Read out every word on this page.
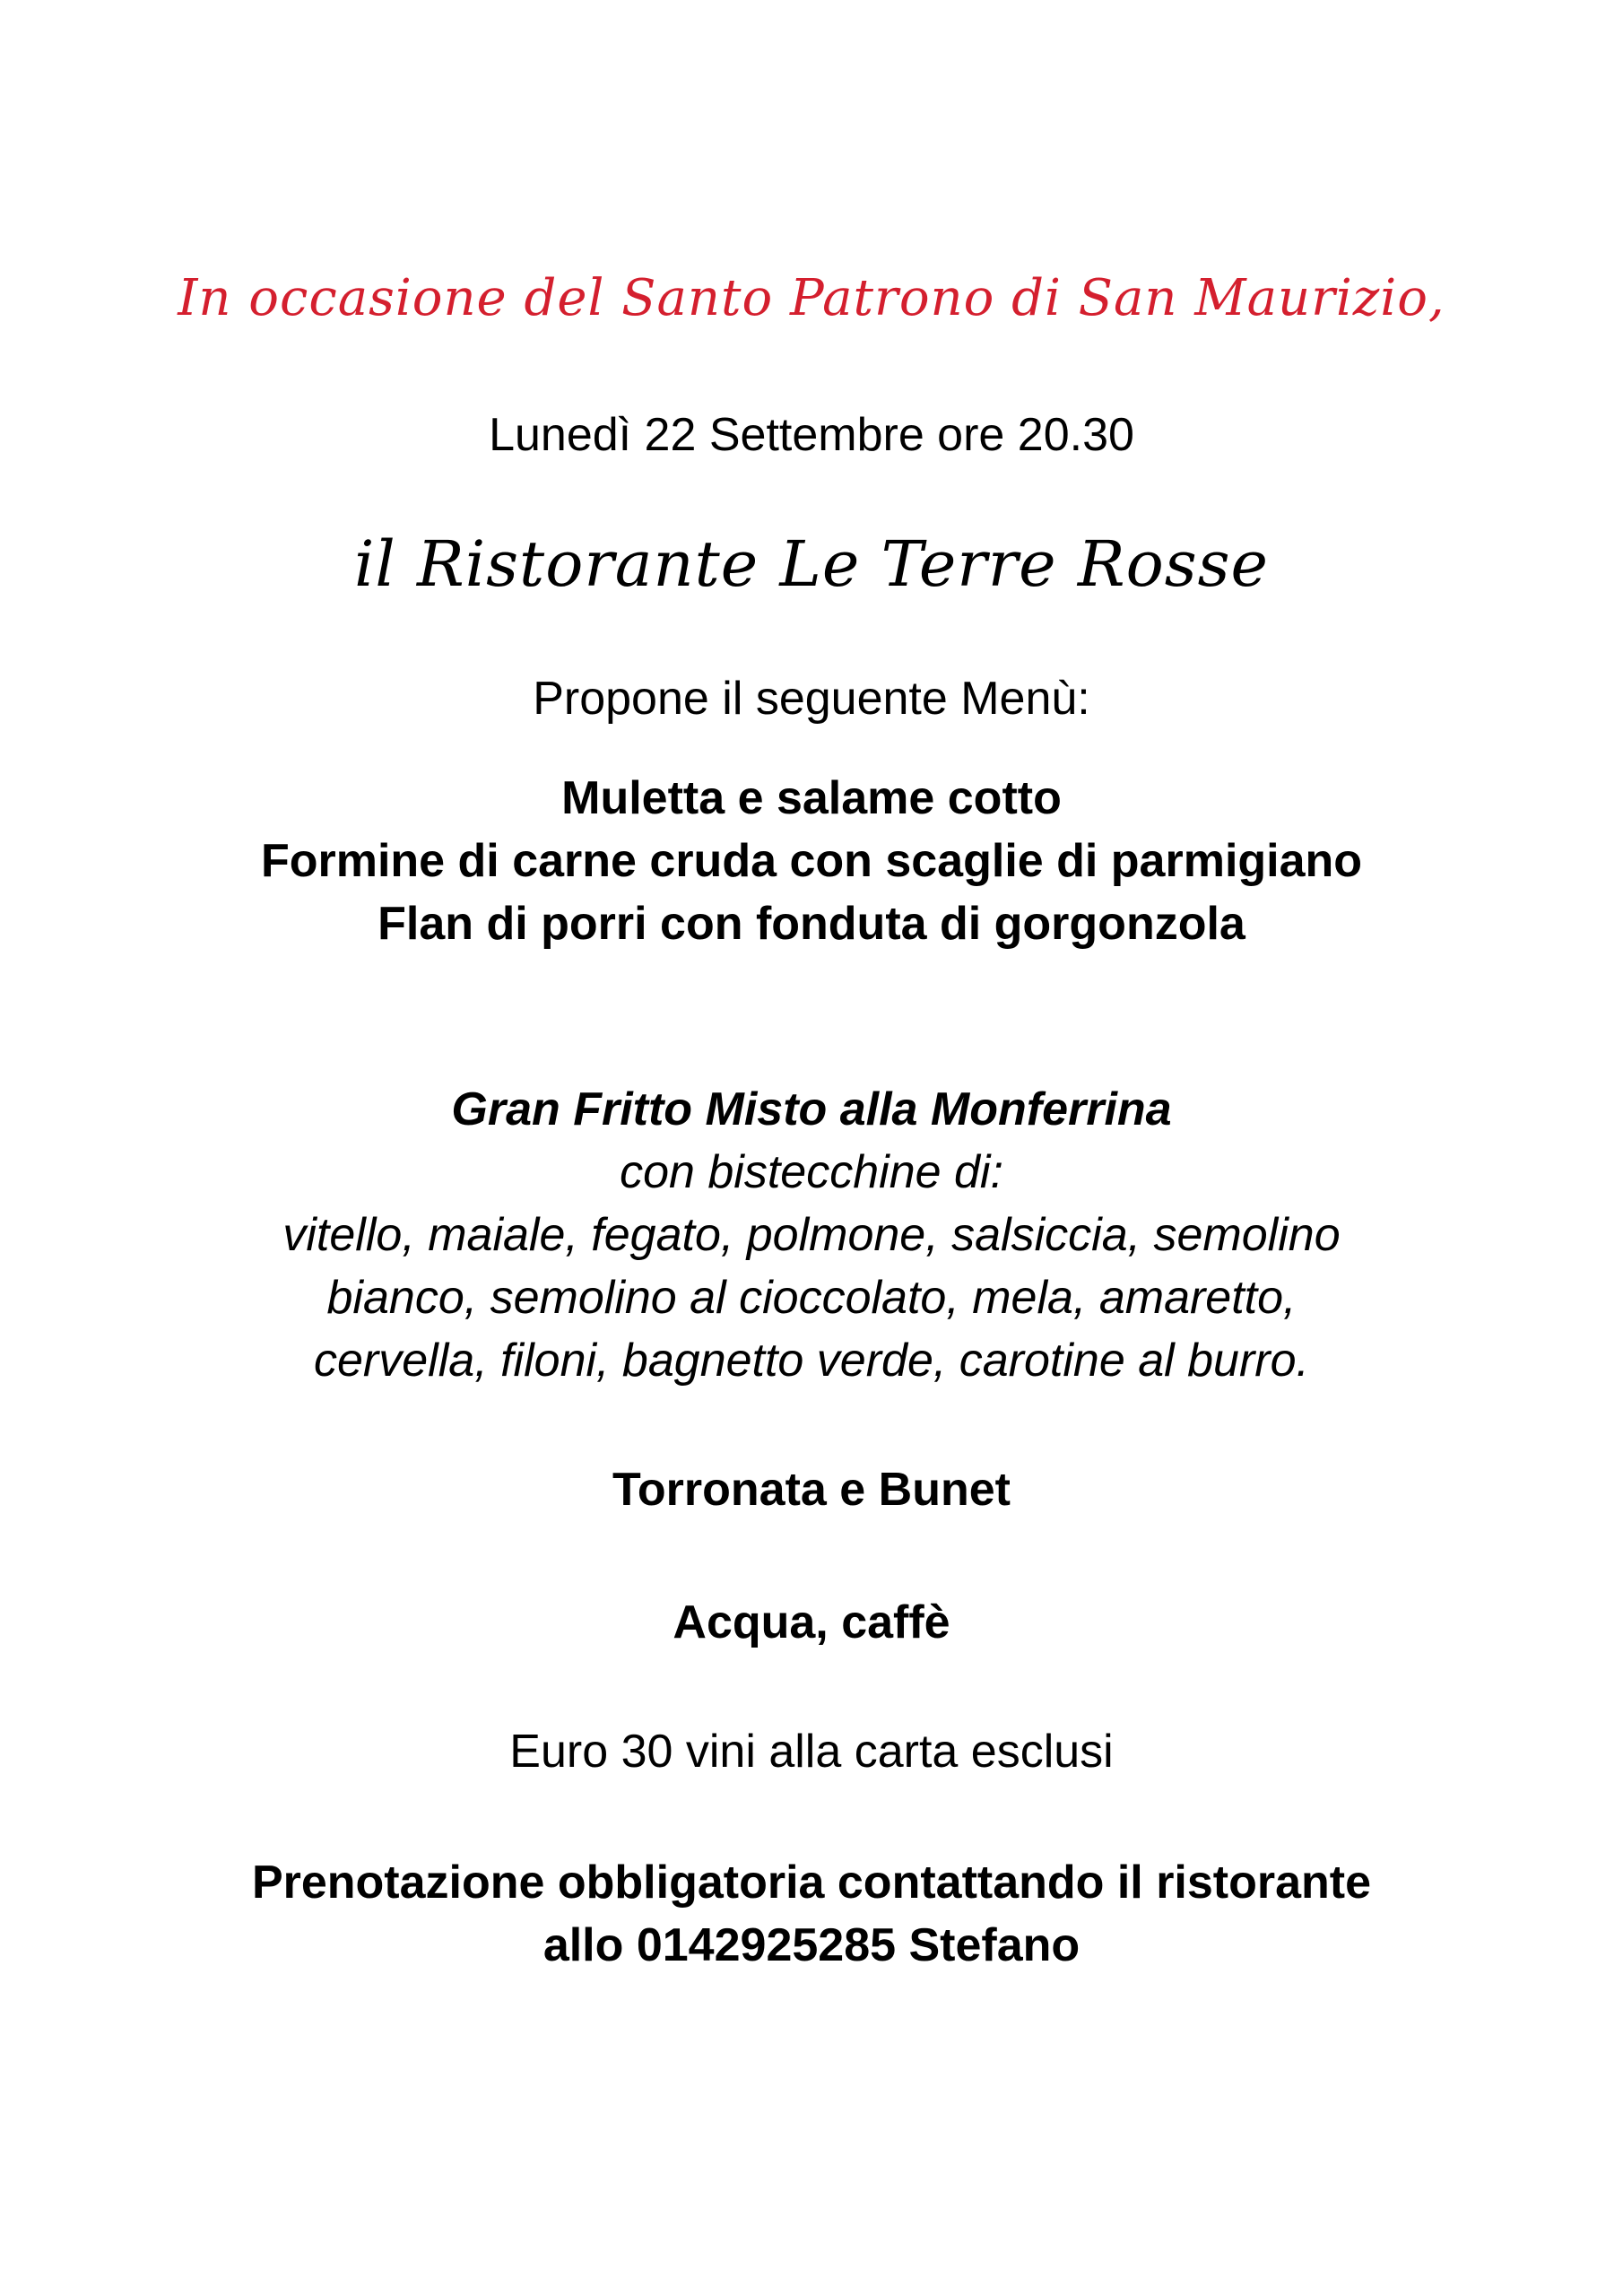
In occasione del Santo Patrono di San Maurizio,

Lunedì 22 Settembre ore 20.30

il Ristorante Le Terre Rosse

Propone il seguente Menù:

Muletta e salame cotto

Formine di carne cruda con scaglie di parmigiano

Flan di porri con fonduta di gorgonzola

Gran Fritto Misto alla Monferrina

con bistecchine di:

vitello, maiale, fegato, polmone, salsiccia, semolino

bianco, semolino al cioccolato, mela, amaretto,

cervella, filoni, bagnetto verde, carotine al burro.

Torronata e Bunet

Acqua, caffè

Euro 30 vini alla carta esclusi

Prenotazione obbligatoria contattando il ristorante

allo 0142925285 Stefano
